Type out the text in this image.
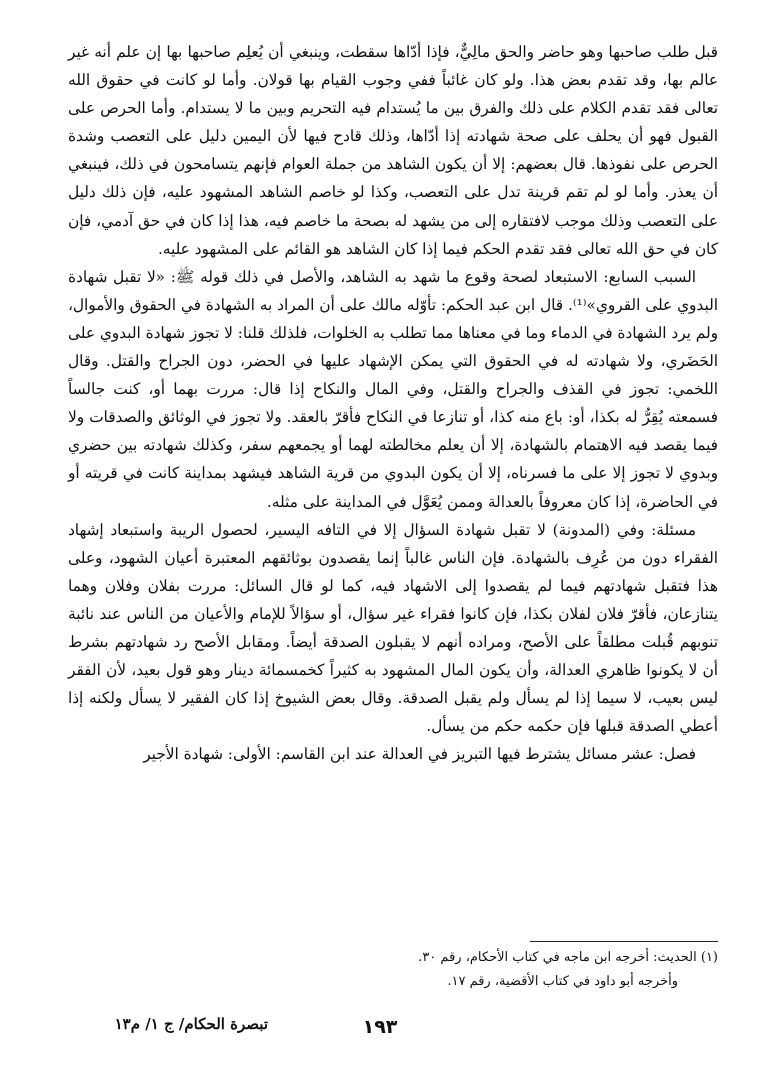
قبل طلب صاحبها وهو حاضر والحق مالِيٌّ، فإذا أدّاها سقطت، وينبغي أن يُعلِم صاحبها بها إن علم أنه غير عالم بها، وقد تقدم بعض هذا. ولو كان غائباً ففي وجوب القيام بها قولان. وأما لو كانت في حقوق الله تعالى فقد تقدم الكلام على ذلك والفرق بين ما يُستدام فيه التحريم وبين ما لا يستدام. وأما الحرص على القبول فهو أن يحلف على صحة شهادته إذا أدّاها، وذلك قادح فيها لأن اليمين دليل على التعصب وشدة الحرص على نفوذها. قال بعضهم: إلا أن يكون الشاهد من جملة العوام فإنهم يتسامحون في ذلك، فينبغي أن يعذر. وأما لو لم تقم قرينة تدل على التعصب، وكذا لو خاصم الشاهد المشهود عليه، فإن ذلك دليل على التعصب وذلك موجب لافتقاره إلى من يشهد له بصحة ما خاصم فيه، هذا إذا كان في حق آدمي، فإن كان في حق الله تعالى فقد تقدم الحكم فيما إذا كان الشاهد هو القائم على المشهود عليه.

السبب السابع: الاستبعاد لصحة وقوع ما شهد به الشاهد، والأصل في ذلك قوله ﷺ: «لا تقبل شهادة البدوي على القروي»⁽¹⁾. قال ابن عبد الحكم: تأوّله مالك على أن المراد به الشهادة في الحقوق والأموال، ولم يرد الشهادة في الدماء وما في معناها مما تطلب به الخلوات، فلذلك قلنا: لا تجوز شهادة البدوي على الحَضَري، ولا شهادته له في الحقوق التي يمكن الإشهاد عليها في الحضر، دون الجراح والقتل. وقال اللخمي: تجوز في القذف والجراح والقتل، وفي المال والنكاح إذا قال: مررت بهما أو، كنت جالساً فسمعته يُقِرُّ له بكذا، أو: باع منه كذا، أو تنازعا في النكاح فأقرّ بالعقد. ولا تجوز في الوثائق والصدقات ولا فيما يقصد فيه الاهتمام بالشهادة، إلا أن يعلم مخالطته لهما أو يجمعهم سفر، وكذلك شهادته بين حضري وبدوي لا تجوز إلا على ما فسرناه، إلا أن يكون البدوي من قرية الشاهد فيشهد بمداينة كانت في قريته أو في الحاضرة، إذا كان معروفاً بالعدالة وممن يُعَوَّل في المداينة على مثله.

مسئلة: وفي (المدونة) لا تقبل شهادة السؤال إلا في التافه اليسير، لحصول الريبة واستبعاد إشهاد الفقراء دون من عُرِف بالشهادة. فإن الناس غالباً إنما يقصدون بوثائقهم المعتبرة أعيان الشهود، وعلى هذا فتقبل شهادتهم فيما لم يقصدوا إلى الاشهاد فيه، كما لو قال السائل: مررت بفلان وفلان وهما يتنازعان، فأقرّ فلان لفلان بكذا، فإن كانوا فقراء غير سؤال، أو سؤالاً للإمام والأعيان من الناس عند نائبة تنوبهم قُبلت مطلقاً على الأصح، ومراده أنهم لا يقبلون الصدقة أيضاً. ومقابل الأصح رد شهادتهم بشرط أن لا يكونوا ظاهري العدالة، وأن يكون المال المشهود به كثيراً كخمسمائة دينار وهو قول بعيد، لأن الفقر ليس بعيب، لا سيما إذا لم يسأل ولم يقبل الصدقة. وقال بعض الشيوخ إذا كان الفقير لا يسأل ولكنه إذا أعطي الصدقة قبلها فإن حكمه حكم من يسأل.

فصل: عشر مسائل يشترط فيها التبريز في العدالة عند ابن القاسم: الأولى: شهادة الأجير

(١) الحديث: أخرجه ابن ماجه في كتاب الأحكام، رقم ٣٠.
وأخرجه أبو داود في كتاب الأقضية، رقم ١٧.
١٩٣
تبصرة الحكام/ ج ١/ م١٣
